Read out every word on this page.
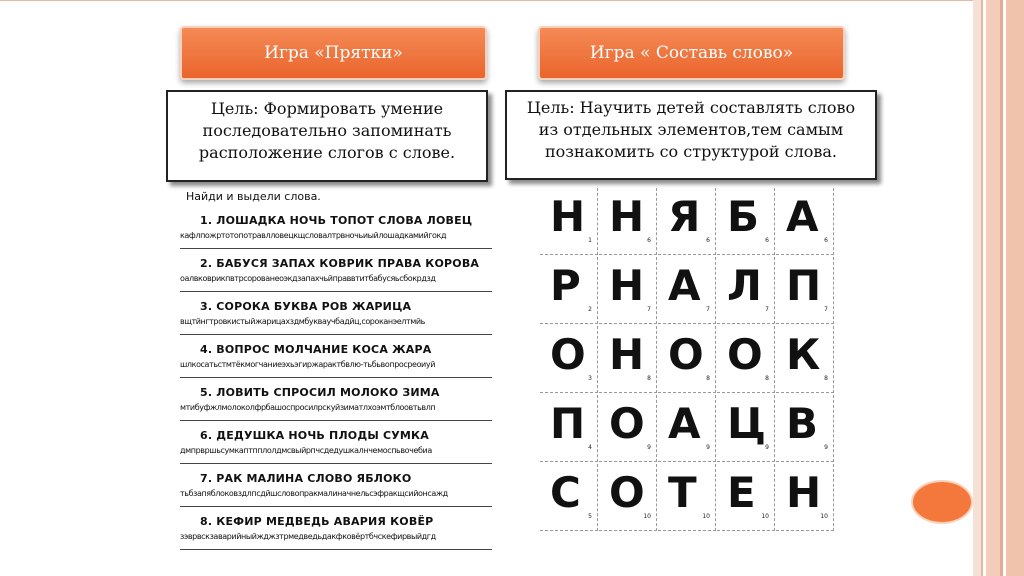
Игра «Прятки»	Игра « Составь слово»
Цель: Формировать умение последовательно запоминать расположение слогов с слове.
Цель: Научить детей составлять слово из отдельных элементов,тем самым познакомить со структурой слова.
Найди и выдели слова.
1. ЛОШАДКА НОЧЬ ТОПОТ СЛОВА ЛОВЕЦ
кафлпожртотопотравлловецкщсловалтрвночьиыйлошадкамийгокд
2. БАБУСЯ ЗАПАХ КОВРИК ПРАВА КОРОВА
оалвковрикпвтрсорованеоэкдзапахчьйправвтитбабусяьсбокрдзд
3. СОРОКА БУКВА РОВ ЖАРИЦА
вщтйнгтровкистыйжарицахздмбукваучбадйц,сороканэелтмйь
4. ВОПРОС МОЛЧАНИЕ КОСА ЖАРА
шлкосатьстмтёкмогчаниеэхьэгиржарактбвлю-тьбьвопросреоиуй
5. ЛОВИТЬ СПРОСИЛ МОЛОКО ЗИМА
мтибуфжлмолоколфрбашоспросилрскуйзиматлхоэмтблоовтьвлп
6. ДЕДУШКА НОЧЬ ПЛОДЫ СУМКА
дмпрвршьсумкаптпплолдмсвыйрпчсдедушкалнчемоспьвочебиа
7. РАК МАЛИНА СЛОВО ЯБЛОКО
тьбзапяблоковздлпсдйшсловопракмалиначнельсэфракщсийонсажд
8. КЕФИР МЕДВЕДЬ АВАРИЯ КОВЁР
зэврвскзаварийныйжджзтрмедведьдакфковёртбчскефирвыйдгд
Н 1 Н 6 Я 6 Б 6 А 6
Р 2 Н 7 А 7 Л 7 П 7
О 3 Н 8 О 8 О 8 К 8
П 4 О 9 А 9 Ц 9 В 9
С 5 О
10 Т 10 Е 10 Н 10
